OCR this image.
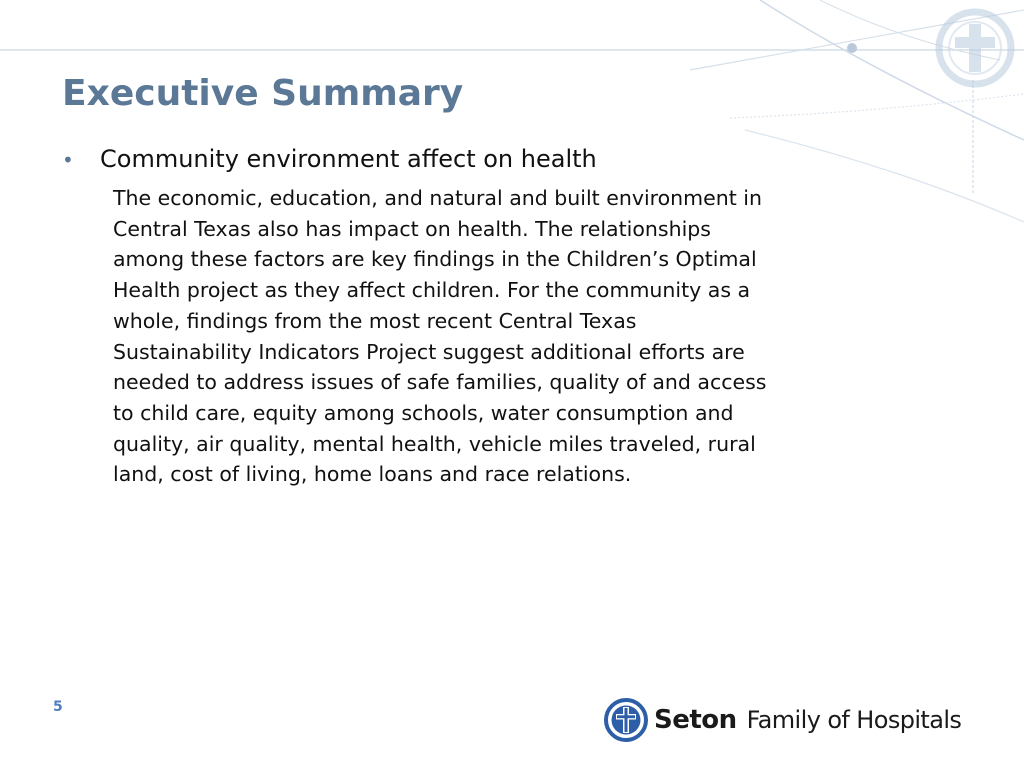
Executive Summary
•	Community environment affect on health

The economic, education, and natural and built environment in
Central Texas also has impact on health. The relationships
among these factors are key findings in the Children’s Optimal
Health project as they affect children. For the community as a
whole, findings from the most recent Central Texas
Sustainability Indicators Project suggest additional efforts are
needed to address issues of safe families, quality of and access
to child care, equity among schools, water consumption and
quality, air quality, mental health, vehicle miles traveled, rural
land, cost of living, home loans and race relations.

5	Seton Family of Hospitals
